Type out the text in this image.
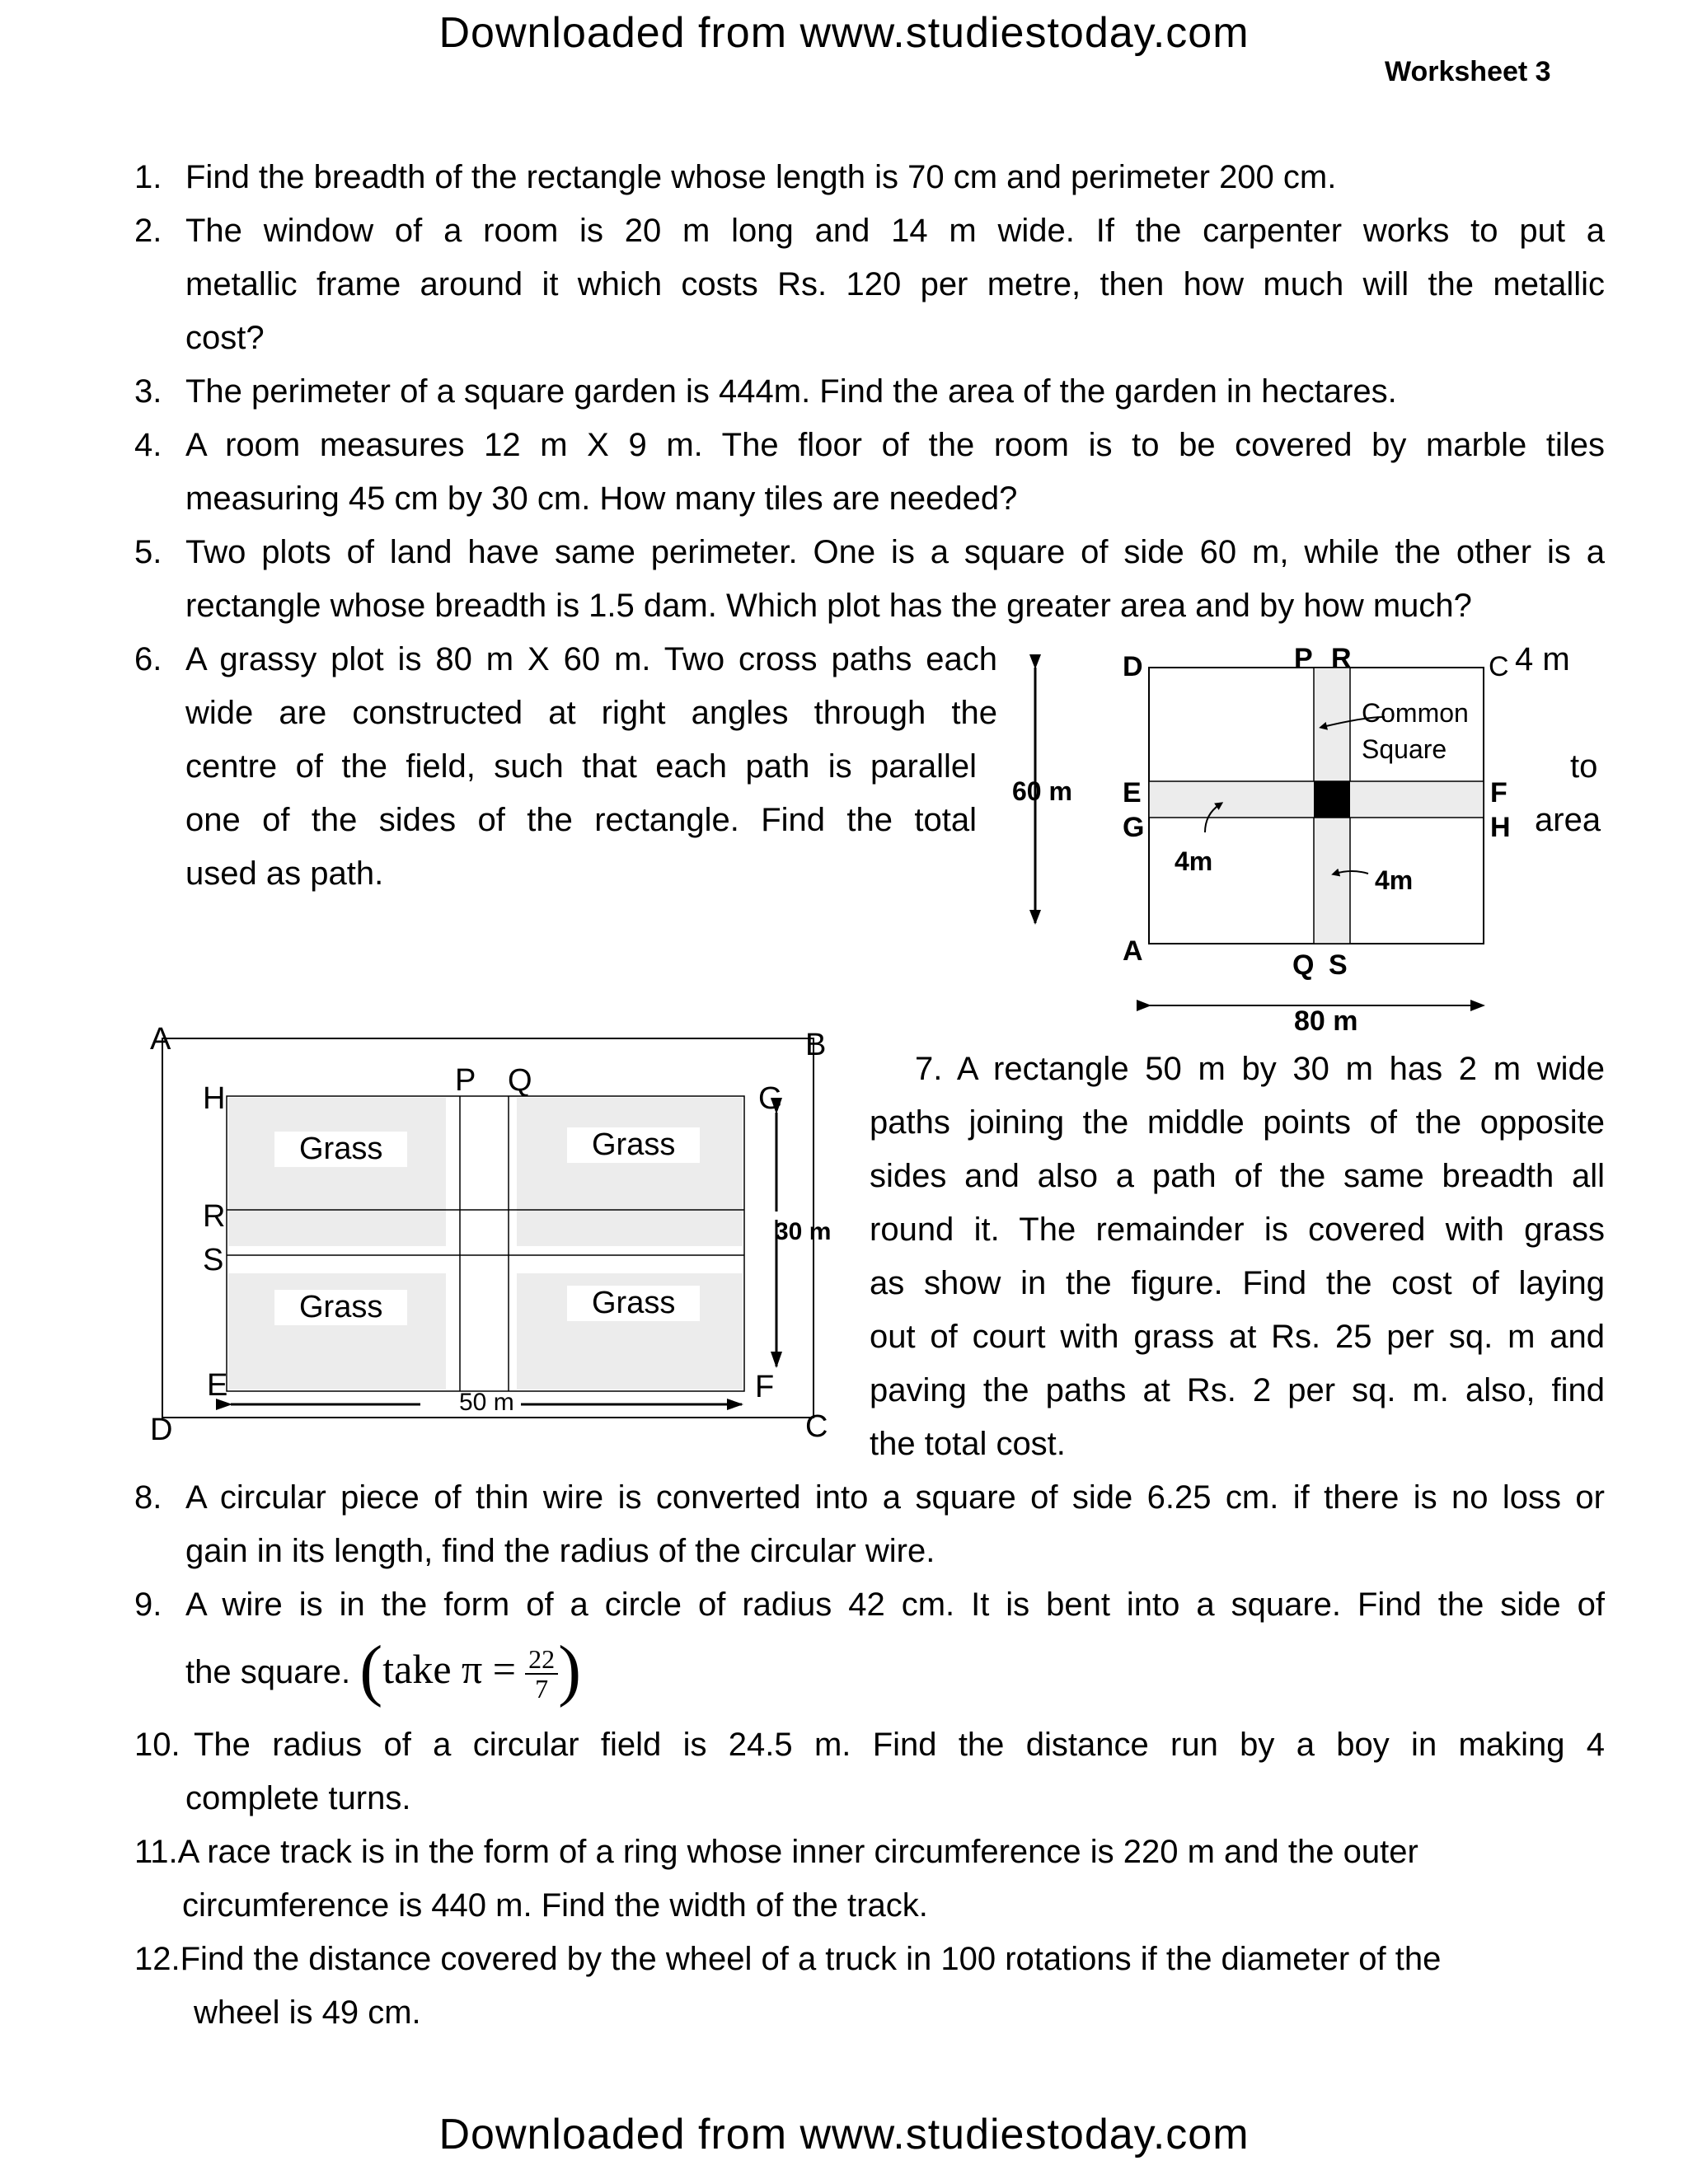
Downloaded from www.studiestoday.com
Worksheet 3
1. Find the breadth of the rectangle whose length is 70 cm and perimeter 200 cm.
2. The window of a room is 20 m long and 14 m wide. If the carpenter works to put a
metallic frame around it which costs Rs. 120 per metre, then how much will the metallic
cost?
3. The perimeter of a square garden is 444m. Find the area of the garden in hectares.
4. A room measures 12 m X 9 m. The floor of the room is to be covered by marble tiles
measuring 45 cm by 30 cm. How many tiles are needed?
5. Two plots of land have same perimeter. One is a square of side 60 m, while the other is a
rectangle whose breadth is 1.5 dam. Which plot has the greater area and by how much?
6. A grassy plot is 80 m X 60 m. Two cross paths each
wide are constructed at right angles through the
centre of the field, such that each path is parallel
one of the sides of the rectangle. Find the total
used as path.
4 m
to
area
D	C
A
P R
Q S
E
G
F
H
Common
Square
60 m
80 m
4m
4m
A	B
C
D
H
P Q
G
R
S
E	F
Grass	Grass
Grass	Grass
30 m
50 m
7. A rectangle 50 m by 30 m has 2 m wide
paths joining the middle points of the opposite
sides and also a path of the same breadth all
round it. The remainder is covered with grass
as show in the figure. Find the cost of laying
out of court with grass at Rs. 25 per sq. m and
paving the paths at Rs. 2 per sq. m. also, find
the total cost.
8. A circular piece of thin wire is converted into a square of side 6.25 cm. if there is no loss or
gain in its length, find the radius of the circular wire.
9. A wire is in the form of a circle of radius 42 cm. It is bent into a square. Find the side of
the square. (take $\pi = \frac{22}{7}$ )
10. The radius of a circular field is 24.5 m. Find the distance run by a boy in making 4
complete turns.
11.A race track is in the form of a ring whose inner circumference is 220 m and the outer
circumference is 440 m. Find the width of the track.
12.Find the distance covered by the wheel of a truck in 100 rotations if the diameter of the
wheel is 49 cm.
Downloaded from www.studiestoday.com
